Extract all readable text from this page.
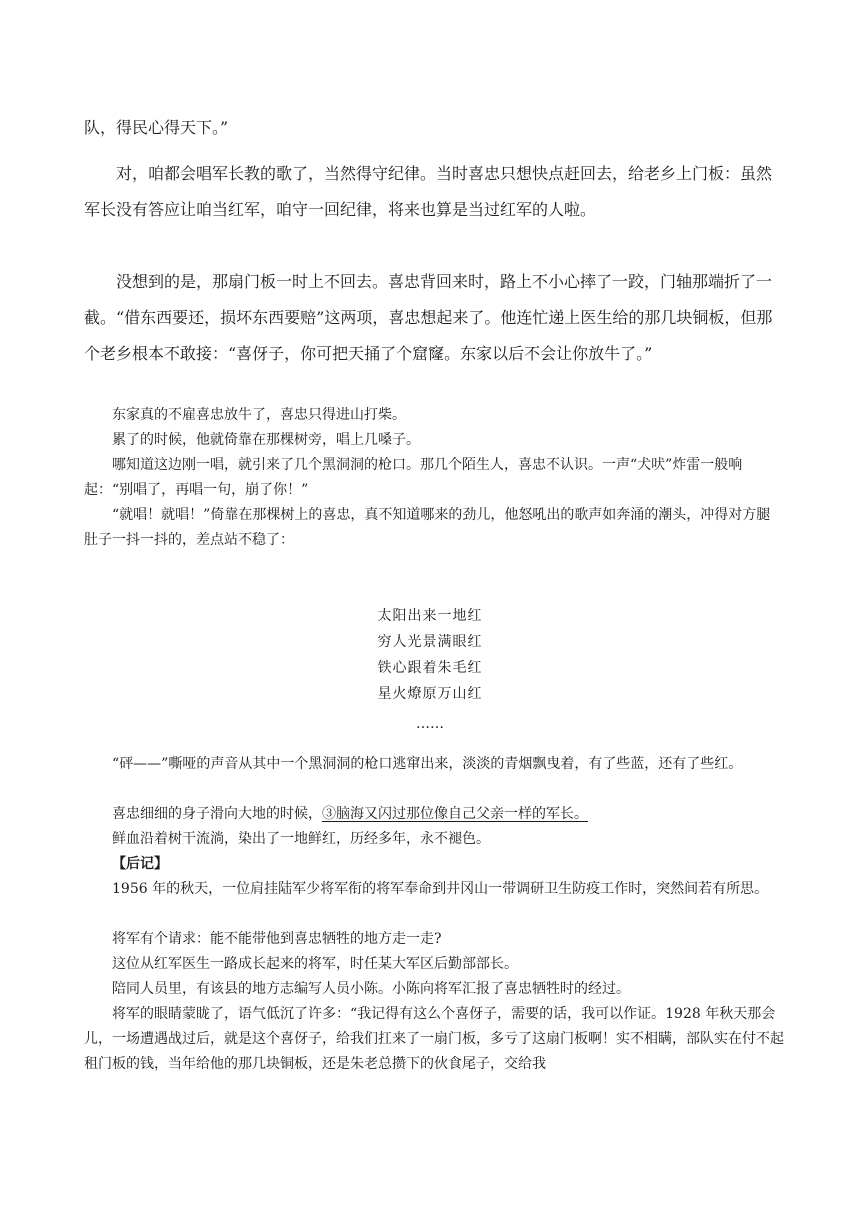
队，得民心得天下。”

对，咱都会唱军长教的歌了，当然得守纪律。当时喜忠只想快点赶回去，给老乡上门板：虽然军长没有答应让咱当红军，咱守一回纪律，将来也算是当过红军的人啦。

没想到的是，那扇门板一时上不回去。喜忠背回来时，路上不小心摔了一跤，门轴那端折了一截。“借东西要还，损坏东西要赔”这两项，喜忠想起来了。他连忙递上医生给的那几块铜板，但那个老乡根本不敢接：“喜伢子，你可把天捅了个窟窿。东家以后不会让你放牛了。”

东家真的不雇喜忠放牛了，喜忠只得进山打柴。

累了的时候，他就倚靠在那棵树旁，唱上几嗓子。

哪知道这边刚一唱，就引来了几个黑洞洞的枪口。那几个陌生人，喜忠不认识。一声“犬吠”炸雷一般响起：“别唱了，再唱一句，崩了你！”

“就唱！就唱！”倚靠在那棵树上的喜忠，真不知道哪来的劲儿，他怒吼出的歌声如奔涌的潮头，冲得对方腿肚子一抖一抖的，差点站不稳了：

太阳出来一地红
穷人光景满眼红
铁心跟着朱毛红
星火燎原万山红
……

“砰——”嘶哑的声音从其中一个黑洞洞的枪口逃窜出来，淡淡的青烟飘曳着，有了些蓝，还有了些红。

喜忠细细的身子滑向大地的时候，③脑海又闪过那位像自己父亲一样的军长。

鲜血沿着树干流淌，染出了一地鲜红，历经多年，永不褪色。

【后记】

1956 年的秋天，一位肩挂陆军少将军衔的将军奉命到井冈山一带调研卫生防疫工作时，突然间若有所思。

将军有个请求：能不能带他到喜忠牺牲的地方走一走?

这位从红军医生一路成长起来的将军，时任某大军区后勤部部长。

陪同人员里，有该县的地方志编写人员小陈。小陈向将军汇报了喜忠牺牲时的经过。

将军的眼睛蒙眬了，语气低沉了许多：“我记得有这么个喜伢子，需要的话，我可以作证。1928 年秋天那会儿，一场遭遇战过后，就是这个喜伢子，给我们扛来了一扇门板，多亏了这扇门板啊！实不相瞒，部队实在付不起租门板的钱，当年给他的那几块铜板，还是朱老总攒下的伙食尾子，交给我
